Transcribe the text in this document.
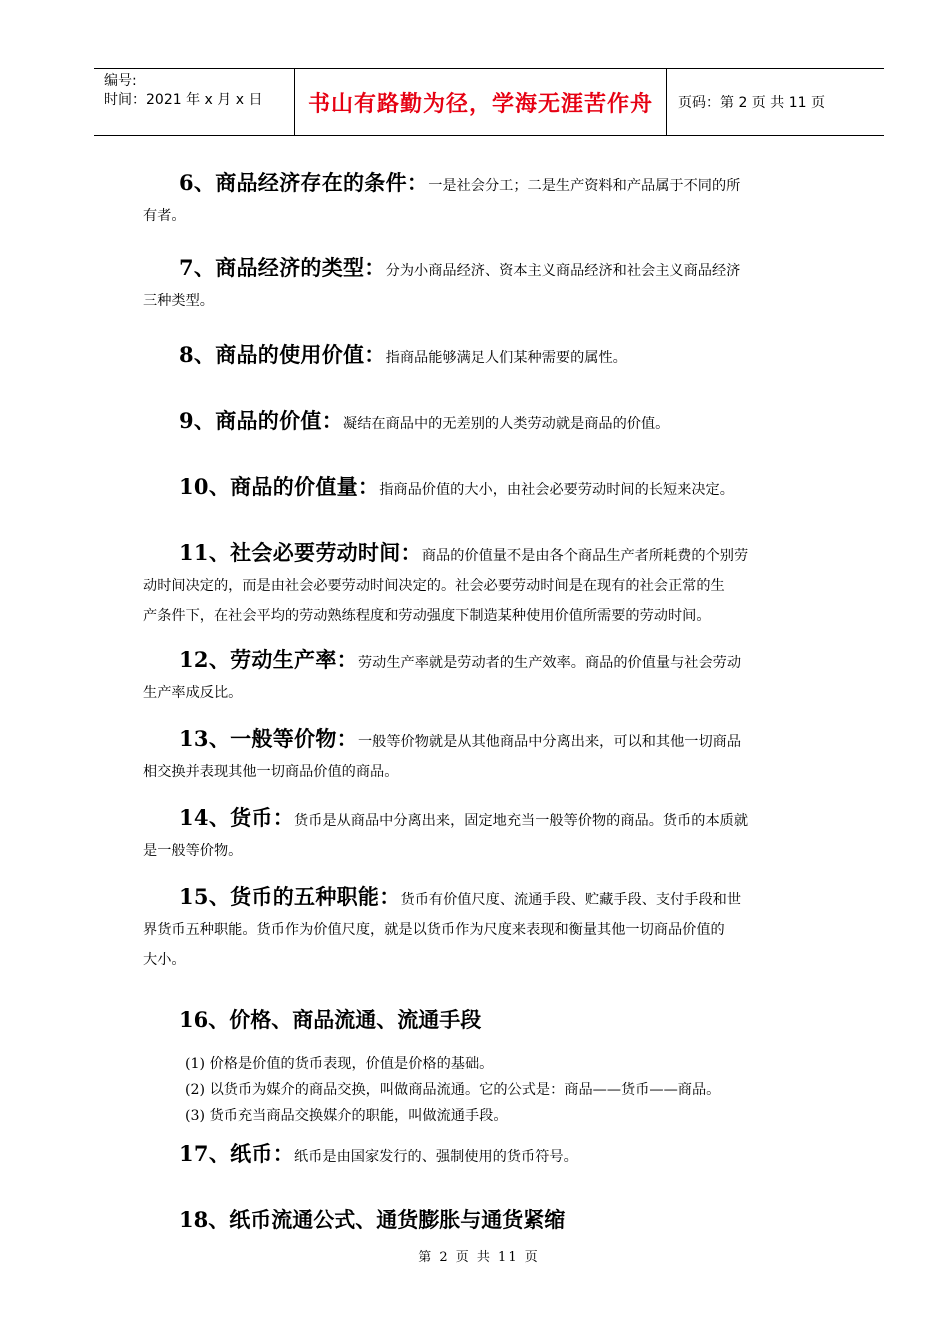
编号:
时间：2021 年 x 月 x 日	书山有路勤为径，学海无涯苦作舟	页码：第 2 页 共 11 页

6、商品经济存在的条件：一是社会分工；二是生产资料和产品属于不同的所

有者。

7、商品经济的类型：分为小商品经济、资本主义商品经济和社会主义商品经济

三种类型。

8、商品的使用价值：指商品能够满足人们某种需要的属性。

9、商品的价值：凝结在商品中的无差别的人类劳动就是商品的价值。

10、商品的价值量：指商品价值的大小，由社会必要劳动时间的长短来决定。

11、社会必要劳动时间：商品的价值量不是由各个商品生产者所耗费的个别劳

动时间决定的，而是由社会必要劳动时间决定的。社会必要劳动时间是在现有的社会正常的生

产条件下，在社会平均的劳动熟练程度和劳动强度下制造某种使用价值所需要的劳动时间。

12、劳动生产率：劳动生产率就是劳动者的生产效率。商品的价值量与社会劳动

生产率成反比。

13、一般等价物：一般等价物就是从其他商品中分离出来，可以和其他一切商品

相交换并表现其他一切商品价值的商品。

14、货币：货币是从商品中分离出来，固定地充当一般等价物的商品。货币的本质就

是一般等价物。

15、货币的五种职能：货币有价值尺度、流通手段、贮藏手段、支付手段和世

界货币五种职能。货币作为价值尺度，就是以货币作为尺度来表现和衡量其他一切商品价值的

大小。

16、价格、商品流通、流通手段

(1) 价格是价值的货币表现，价值是价格的基础。
(2) 以货币为媒介的商品交换，叫做商品流通。它的公式是：商品——货币——商品。
(3) 货币充当商品交换媒介的职能，叫做流通手段。

17、纸币：纸币是由国家发行的、强制使用的货币符号。

18、纸币流通公式、通货膨胀与通货紧缩

第 2 页 共 11 页
